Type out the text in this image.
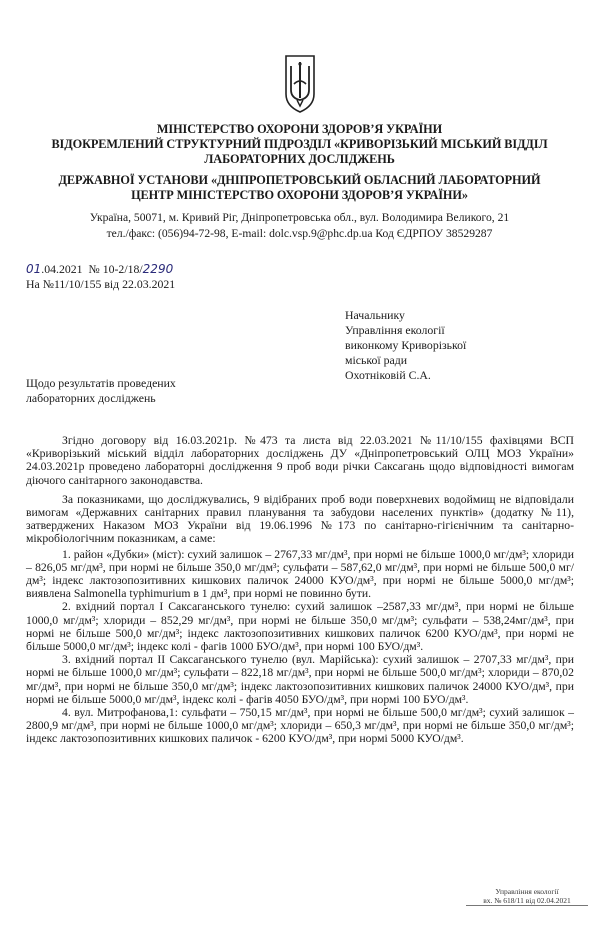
МІНІСТЕРСТВО ОХОРОНИ ЗДОРОВ’Я УКРАЇНИ
ВІДОКРЕМЛЕНИЙ СТРУКТУРНИЙ ПІДРОЗДІЛ «КРИВОРІЗЬКИЙ МІСЬКИЙ ВІДДІЛ
ЛАБОРАТОРНИХ ДОСЛІДЖЕНЬ
ДЕРЖАВНОЇ УСТАНОВИ «ДНІПРОПЕТРОВСЬКИЙ ОБЛАСНИЙ ЛАБОРАТОРНИЙ
ЦЕНТР МІНІСТЕРСТВО ОХОРОНИ ЗДОРОВ’Я УКРАЇНИ»
Україна, 50071, м. Кривий Ріг, Дніпропетровська обл., вул. Володимира Великого, 21
тел./факс: (056)94-72-98, E-mail: dolc.vsp.9@phc.dp.ua Код ЄДРПОУ 38529287
01.04.2021 № 10-2/18/2290
На №11/10/155 від 22.03.2021
Начальнику
Управління екології
виконкому Криворізької
міської ради
Охотніковій С.А.
Щодо результатів проведених
лабораторних досліджень

Згідно договору від 16.03.2021р. №473 та листа від 22.03.2021 №11/10/155 фахівцями ВСП «Криворізький міський відділ лабораторних досліджень ДУ «Дніпропетровський ОЛЦ МОЗ України» 24.03.2021р проведено лабораторні дослідження 9 проб води річки Саксагань щодо відповідності вимогам діючого санітарного законодавства.

За показниками, що досліджувались, 9 відібраних проб води поверхневих водоймищ не відповідали вимогам «Державних санітарних правил планування та забудови населених пунктів» (додатку №11), затверджених Наказом МОЗ України від 19.06.1996 №173 по санітарно-гігієнічним та санітарно-мікробіологічним показникам, а саме:

1. район «Дубки» (міст): сухий залишок – 2767,33 мг/дм³, при нормі не більше 1000,0 мг/дм³; хлориди – 826,05 мг/дм³, при нормі не більше 350,0 мг/дм³; сульфати – 587,62,0 мг/дм³, при нормі не більше 500,0 мг/дм³; індекс лактозопозитивних кишкових паличок 24000 КУО/дм³, при нормі не більше 5000,0 мг/дм³; виявлена Salmonella typhimurium в 1 дм³, при нормі не повинно бути.

2. вхідний портал І Саксаганського тунелю: сухий залишок –2587,33 мг/дм³, при нормі не більше 1000,0 мг/дм³; хлориди – 852,29 мг/дм³, при нормі не більше 350,0 мг/дм³; сульфати – 538,24мг/дм³, при нормі не більше 500,0 мг/дм³; індекс лактозопозитивних кишкових паличок 6200 КУО/дм³, при нормі не більше 5000,0 мг/дм³; індекс колі - фагів 1000 БУО/дм³, при нормі 100 БУО/дм³.

3. вхідний портал ІІ Саксаганського тунелю (вул. Марійська): сухий залишок – 2707,33 мг/дм³, при нормі не більше 1000,0 мг/дм³; сульфати – 822,18 мг/дм³, при нормі не більше 500,0 мг/дм³; хлориди – 870,02 мг/дм³, при нормі не більше 350,0 мг/дм³; індекс лактозопозитивних кишкових паличок 24000 КУО/дм³, при нормі не більше 5000,0 мг/дм³, індекс колі - фагів 4050 БУО/дм³, при нормі 100 БУО/дм³.

4. вул. Митрофанова,1: сульфати – 750,15 мг/дм³, при нормі не більше 500,0 мг/дм³; сухий залишок – 2800,9 мг/дм³, при нормі не більше 1000,0 мг/дм³; хлориди – 650,3 мг/дм³, при нормі не більше 350,0 мг/дм³; індекс лактозопозитивних кишкових паличок - 6200 КУО/дм³, при нормі 5000 КУО/дм³.

Управління екології
вх. № 618/11 від 02.04.2021
